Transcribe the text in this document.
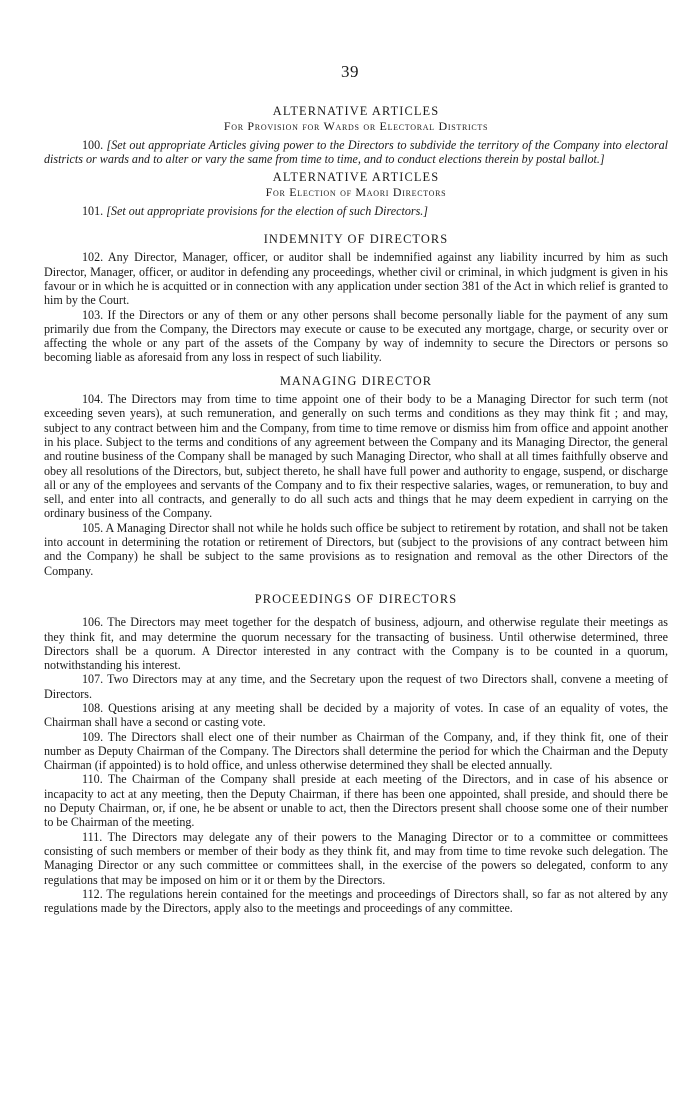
39
ALTERNATIVE ARTICLES
For Provision for Wards or Electoral Districts

100. [Set out appropriate Articles giving power to the Directors to subdivide the territory of the Company into electoral districts or wards and to alter or vary the same from time to time, and to conduct elections therein by postal ballot.]

ALTERNATIVE ARTICLES
For Election of Maori Directors

101. [Set out appropriate provisions for the election of such Directors.]

INDEMNITY OF DIRECTORS

102. Any Director, Manager, officer, or auditor shall be indemnified against any liability incurred by him as such Director, Manager, officer, or auditor in defending any proceedings, whether civil or criminal, in which judgment is given in his favour or in which he is acquitted or in connection with any application under section 381 of the Act in which relief is granted to him by the Court.

103. If the Directors or any of them or any other persons shall become personally liable for the payment of any sum primarily due from the Company, the Directors may execute or cause to be executed any mortgage, charge, or security over or affecting the whole or any part of the assets of the Company by way of indemnity to secure the Directors or persons so becoming liable as aforesaid from any loss in respect of such liability.

MANAGING DIRECTOR

104. The Directors may from time to time appoint one of their body to be a Managing Director for such term (not exceeding seven years), at such remuneration, and generally on such terms and conditions as they may think fit ; and may, subject to any contract between him and the Company, from time to time remove or dismiss him from office and appoint another in his place. Subject to the terms and conditions of any agreement between the Company and its Managing Director, the general and routine business of the Company shall be managed by such Managing Director, who shall at all times faithfully observe and obey all resolutions of the Directors, but, subject thereto, he shall have full power and authority to engage, suspend, or discharge all or any of the employees and servants of the Company and to fix their respective salaries, wages, or remuneration, to buy and sell, and enter into all contracts, and generally to do all such acts and things that he may deem expedient in carrying on the ordinary business of the Company.

105. A Managing Director shall not while he holds such office be subject to retirement by rotation, and shall not be taken into account in determining the rotation or retirement of Directors, but (subject to the provisions of any contract between him and the Company) he shall be subject to the same provisions as to resignation and removal as the other Directors of the Company.

PROCEEDINGS OF DIRECTORS

106. The Directors may meet together for the despatch of business, adjourn, and otherwise regulate their meetings as they think fit, and may determine the quorum necessary for the transacting of business. Until otherwise determined, three Directors shall be a quorum. A Director interested in any contract with the Company is to be counted in a quorum, notwithstanding his interest.

107. Two Directors may at any time, and the Secretary upon the request of two Directors shall, convene a meeting of Directors.

108. Questions arising at any meeting shall be decided by a majority of votes. In case of an equality of votes, the Chairman shall have a second or casting vote.

109. The Directors shall elect one of their number as Chairman of the Company, and, if they think fit, one of their number as Deputy Chairman of the Company. The Directors shall determine the period for which the Chairman and the Deputy Chairman (if appointed) is to hold office, and unless otherwise determined they shall be elected annually.

110. The Chairman of the Company shall preside at each meeting of the Directors, and in case of his absence or incapacity to act at any meeting, then the Deputy Chairman, if there has been one appointed, shall preside, and should there be no Deputy Chairman, or, if one, he be absent or unable to act, then the Directors present shall choose some one of their number to be Chairman of the meeting.

111. The Directors may delegate any of their powers to the Managing Director or to a committee or committees consisting of such members or member of their body as they think fit, and may from time to time revoke such delegation. The Managing Director or any such committee or committees shall, in the exercise of the powers so delegated, conform to any regulations that may be imposed on him or it or them by the Directors.

112. The regulations herein contained for the meetings and proceedings of Directors shall, so far as not altered by any regulations made by the Directors, apply also to the meetings and proceedings of any committee.
